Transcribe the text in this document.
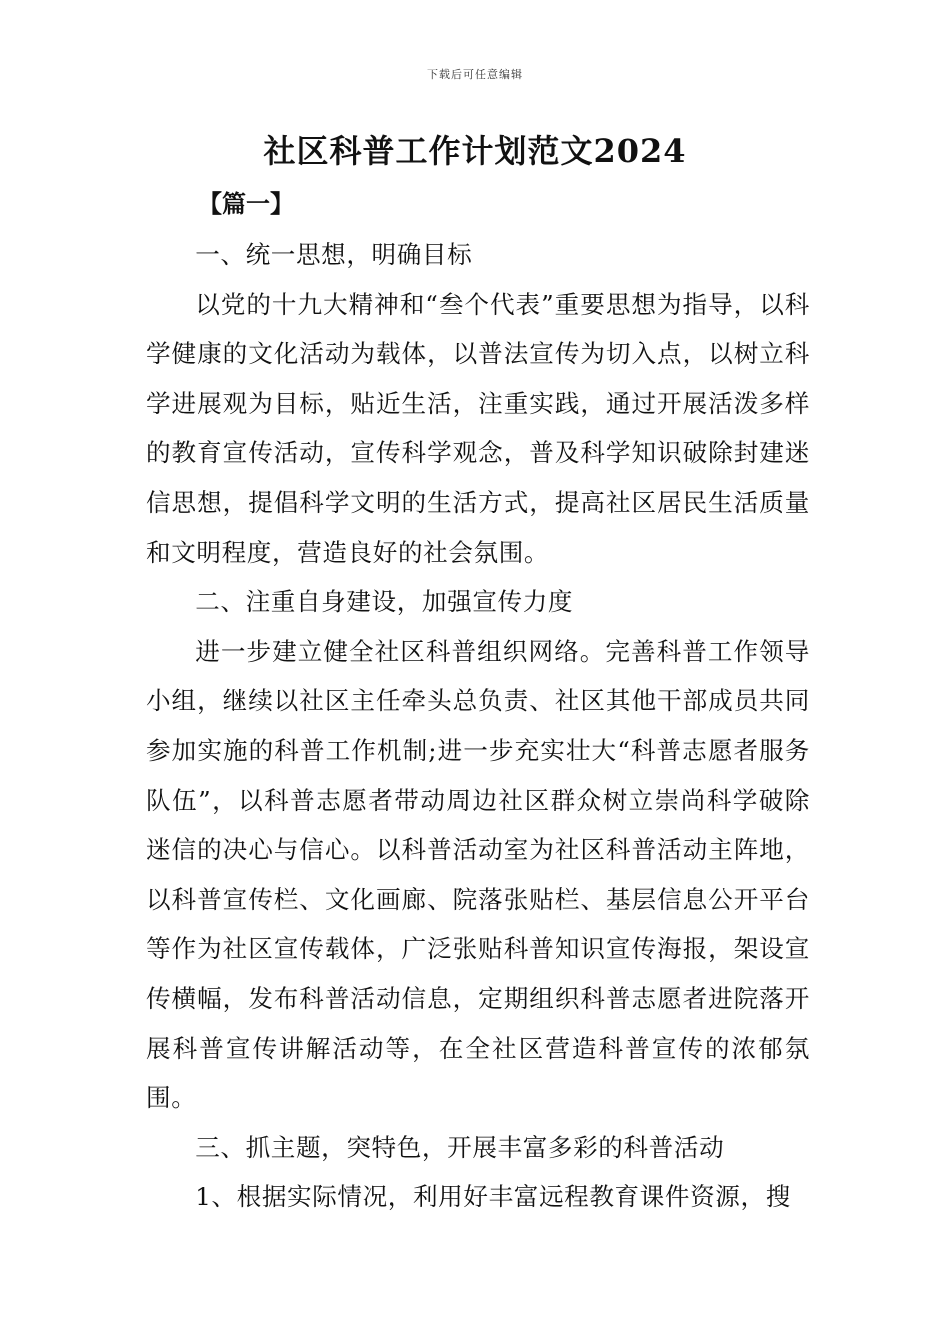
下载后可任意编辑
社区科普工作计划范文2024
【篇一】

一、统一思想，明确目标

以党的十九大精神和“叁个代表”重要思想为指导，以科学健康的文化活动为载体，以普法宣传为切入点，以树立科学进展观为目标，贴近生活，注重实践，通过开展活泼多样的教育宣传活动，宣传科学观念，普及科学知识破除封建迷信思想，提倡科学文明的生活方式，提高社区居民生活质量和文明程度，营造良好的社会氛围。

二、注重自身建设，加强宣传力度

进一步建立健全社区科普组织网络。完善科普工作领导小组，继续以社区主任牵头总负责、社区其他干部成员共同参加实施的科普工作机制;进一步充实壮大“科普志愿者服务队伍”，以科普志愿者带动周边社区群众树立崇尚科学破除迷信的决心与信心。以科普活动室为社区科普活动主阵地，以科普宣传栏、文化画廊、院落张贴栏、基层信息公开平台等作为社区宣传载体，广泛张贴科普知识宣传海报，架设宣传横幅，发布科普活动信息，定期组织科普志愿者进院落开展科普宣传讲解活动等，在全社区营造科普宣传的浓郁氛围。

三、抓主题，突特色，开展丰富多彩的科普活动

1、根据实际情况，利用好丰富远程教育课件资源，搜
